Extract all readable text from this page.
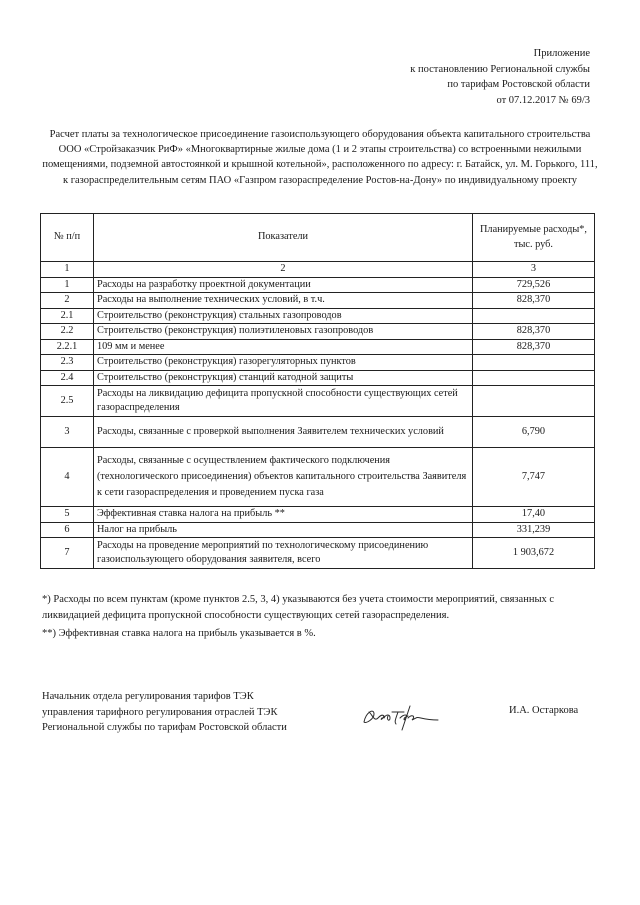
Приложение
к постановлению Региональной службы
по тарифам Ростовской области
от 07.12.2017 № 69/3
Расчет платы за технологическое присоединение газоиспользующего оборудования объекта капитального строительства ООО «Стройзаказчик РиФ» «Многоквартирные жилые дома (1 и 2 этапы строительства) со встроенными нежилыми помещениями, подземной автостоянкой и крышной котельной», расположенного по адресу: г. Батайск, ул. М. Горького, 111, к газораспределительным сетям ПАО «Газпром газораспределение Ростов-на-Дону» по индивидуальному проекту
№ п/п	Показатели	Планируемые расходы*, тыс. руб.
1	2	3
1	Расходы на разработку проектной документации	729,526
2	Расходы на выполнение технических условий, в т.ч.	828,370
2.1	Строительство (реконструкция) стальных газопроводов	
2.2	Строительство (реконструкция) полиэтиленовых газопроводов	828,370
2.2.1	109 мм и менее	828,370
2.3	Строительство (реконструкция) газорегуляторных пунктов	
2.4	Строительство (реконструкция) станций катодной защиты	
2.5	Расходы на ликвидацию дефицита пропускной способности существующих сетей газораспределения	
3	Расходы, связанные с проверкой выполнения Заявителем технических условий	6,790
4	Расходы, связанные с осуществлением фактического подключения (технологического присоединения) объектов капитального строительства Заявителя к сети газораспределения и проведением пуска газа	7,747
5	Эффективная ставка налога на прибыль **	17,40
6	Налог на прибыль	331,239
7	Расходы на проведение мероприятий по технологическому присоединению газоиспользующего оборудования заявителя, всего	1 903,672

*) Расходы по всем пунктам (кроме пунктов 2.5, 3, 4) указываются без учета стоимости мероприятий, связанных с ликвидацией дефицита пропускной способности существующих сетей газораспределения.

**) Эффективная ставка налога на прибыль указывается в %.

Начальник отдела регулирования тарифов ТЭК
управления тарифного регулирования отраслей ТЭК
Региональной службы по тарифам Ростовской области
И.А. Остаркова
